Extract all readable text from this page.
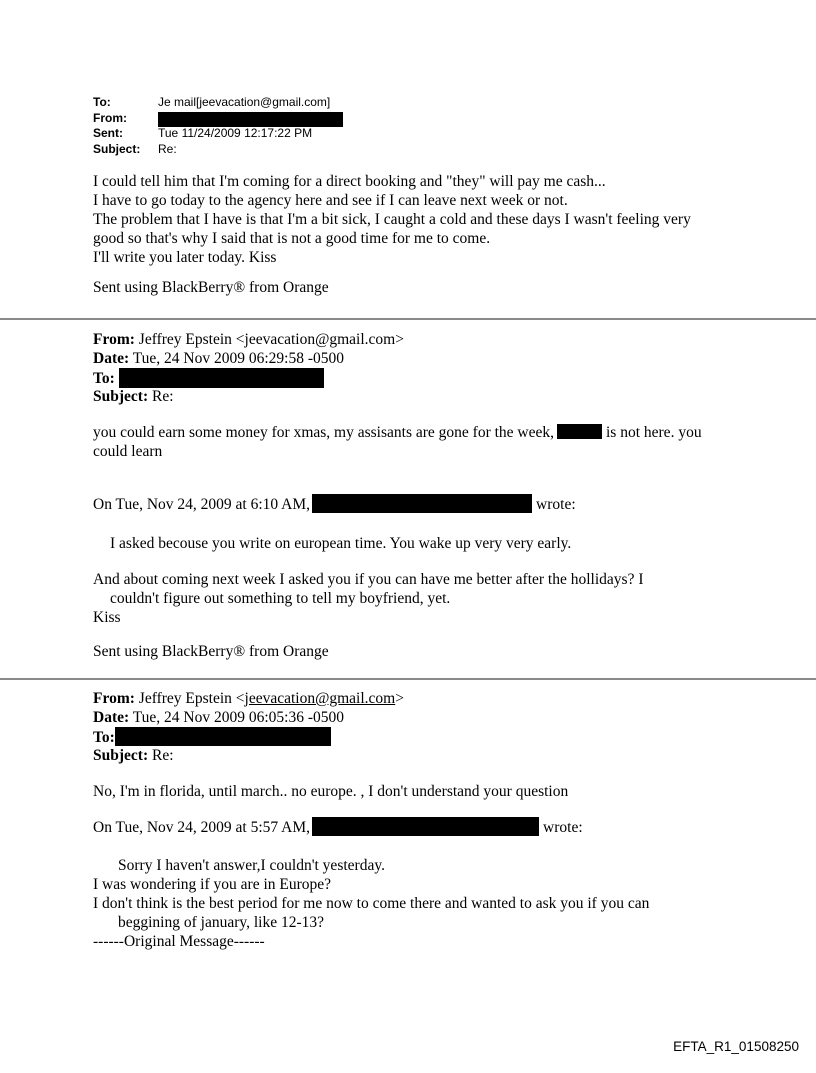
To:	Je mail[jeevacation@gmail.com]
From:
Sent:	Tue 11/24/2009 12:17:22 PM
Subject:	Re:
I could tell him that I'm coming for a direct booking and "they" will pay me cash...
I have to go today to the agency here and see if I can leave next week or not.
The problem that I have is that I'm a bit sick, I caught a cold and these days I wasn't feeling very
good so that's why I said that is not a good time for me to come.
I'll write you later today. Kiss
Sent using BlackBerry® from Orange
From: Jeffrey Epstein <jeevacation@gmail.com>
Date: Tue, 24 Nov 2009 06:29:58 -0500
To:
Subject: Re:
you could earn some money for xmas, my assisants are gone for the week,	is not here. you
could learn
On Tue, Nov 24, 2009 at 6:10 AM,	wrote:
I asked becouse you write on european time. You wake up very very early.
And about coming next week I asked you if you can have me better after the hollidays? I
couldn't figure out something to tell my boyfriend, yet.
Kiss
Sent using BlackBerry® from Orange
From: Jeffrey Epstein <jeevacation@gmail.com>
Date: Tue, 24 Nov 2009 06:05:36 -0500
To:
Subject: Re:
No, I'm in florida, until march.. no europe. , I don't understand your question
On Tue, Nov 24, 2009 at 5:57 AM,	wrote:
Sorry I haven't answer,I couldn't yesterday.
I was wondering if you are in Europe?
I don't think is the best period for me now to come there and wanted to ask you if you can
beggining of january, like 12-13?
------Original Message------
EFTA_R1_01508250
